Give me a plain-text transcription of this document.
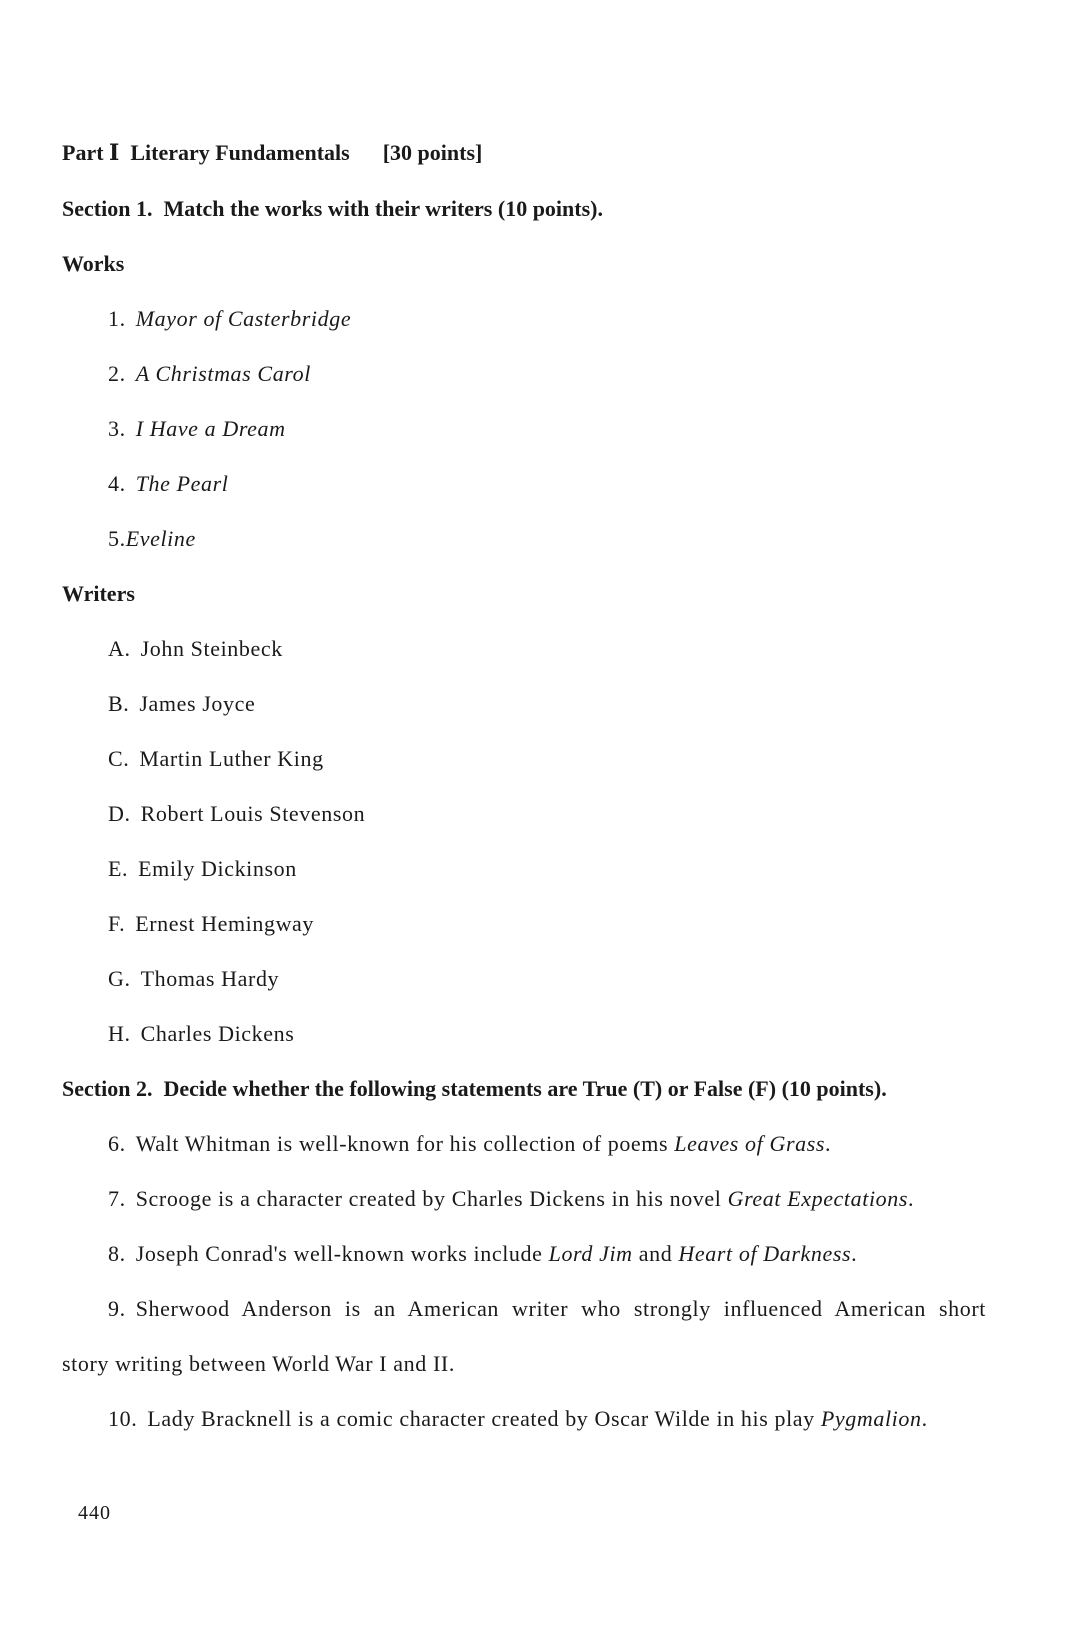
Part Ⅰ Literary Fundamentals [30 points]
Section 1. Match the works with their writers (10 points).
Works
1. Mayor of Casterbridge
2. A Christmas Carol
3. I Have a Dream
4. The Pearl
5.Eveline
Writers
A. John Steinbeck
B. James Joyce
C. Martin Luther King
D. Robert Louis Stevenson
E. Emily Dickinson
F. Ernest Hemingway
G. Thomas Hardy
H. Charles Dickens
Section 2. Decide whether the following statements are True (T) or False (F) (10 points).
6. Walt Whitman is well-known for his collection of poems Leaves of Grass.
7. Scrooge is a character created by Charles Dickens in his novel Great Expectations.
8. Joseph Conrad's well-known works include Lord Jim and Heart of Darkness.
9. Sherwood Anderson is an American writer who strongly influenced American short
story writing between World War I and II.
10. Lady Bracknell is a comic character created by Oscar Wilde in his play Pygmalion.
440
